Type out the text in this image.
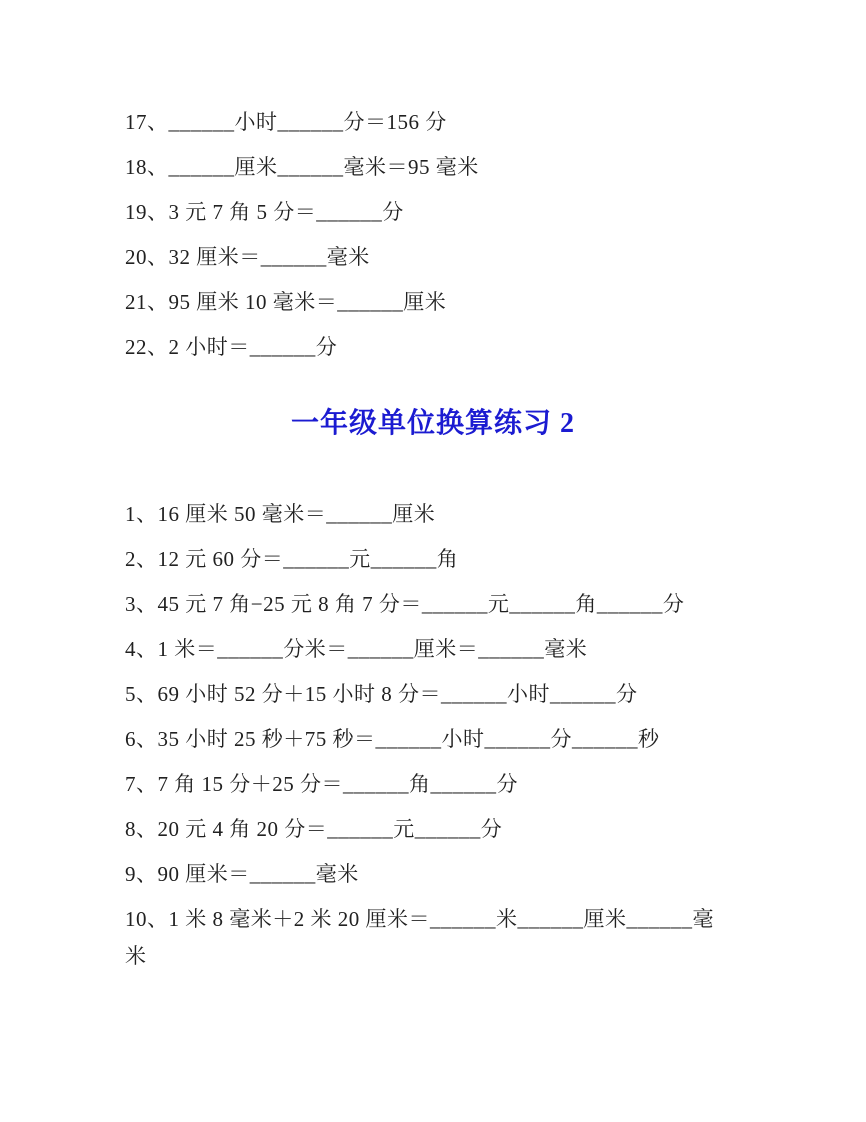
17、______小时______分＝156 分
18、______厘米______毫米＝95 毫米
19、3 元 7 角 5 分＝______分
20、32 厘米＝______毫米
21、95 厘米 10 毫米＝______厘米
22、2 小时＝______分
一年级单位换算练习 2
1、16 厘米 50 毫米＝______厘米
2、12 元 60 分＝______元______角
3、45 元 7 角−25 元 8 角 7 分＝______元______角______分
4、1 米＝______分米＝______厘米＝______毫米
5、69 小时 52 分＋15 小时 8 分＝______小时______分
6、35 小时 25 秒＋75 秒＝______小时______分______秒
7、7 角 15 分＋25 分＝______角______分
8、20 元 4 角 20 分＝______元______分
9、90 厘米＝______毫米
10、1 米 8 毫米＋2 米 20 厘米＝______米______厘米______毫
米
